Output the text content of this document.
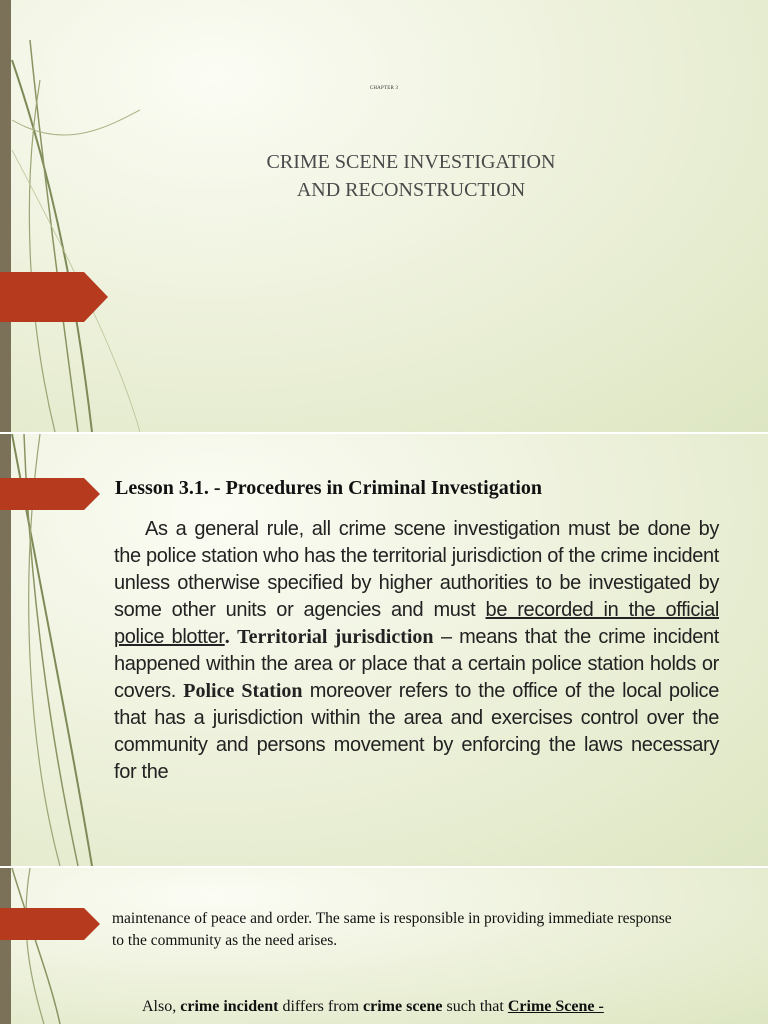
CHAPTER 3
CRIME SCENE INVESTIGATION
AND RECONSTRUCTION
Lesson 3.1. - Procedures in Criminal Investigation
As a general rule, all crime scene investigation must be done by the police station who has the territorial jurisdiction of the crime incident unless otherwise specified by higher authorities to be investigated by some other units or agencies and must be recorded in the official police blotter. Territorial jurisdiction – means that the crime incident happened within the area or place that a certain police station holds or covers. Police Station moreover refers to the office of the local police that has a jurisdiction within the area and exercises control over the community and persons movement by enforcing the laws necessary for the
maintenance of peace and order. The same is responsible in providing immediate response to the community as the need arises.
Also, crime incident differs from crime scene such that Crime Scene -
